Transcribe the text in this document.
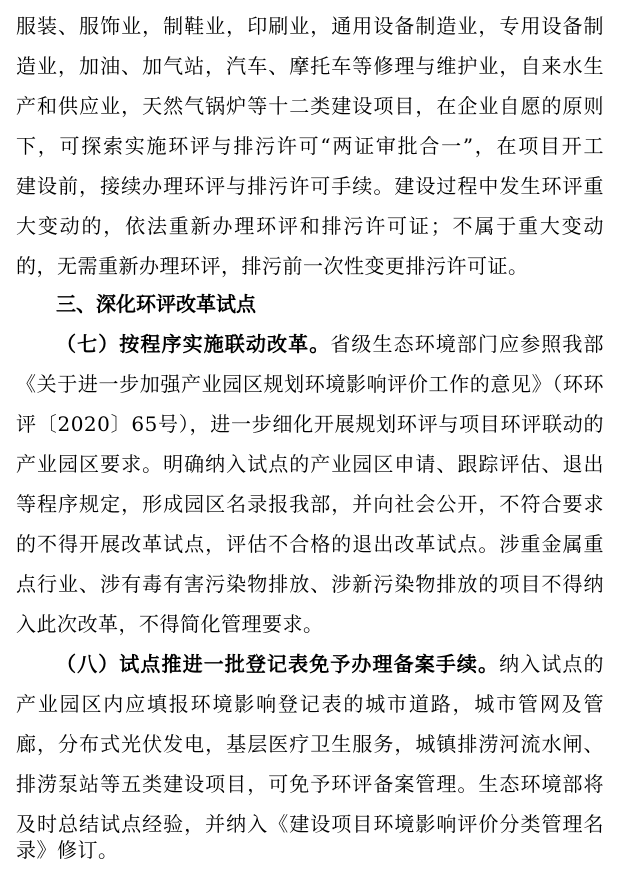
服装、服饰业，制鞋业，印刷业，通用设备制造业，专用设备制
造业，加油、加气站，汽车、摩托车等修理与维护业，自来水生
产和供应业，天然气锅炉等十二类建设项目，在企业自愿的原则
下，可探索实施环评与排污许可“两证审批合一”，在项目开工
建设前，接续办理环评与排污许可手续。建设过程中发生环评重
大变动的，依法重新办理环评和排污许可证；不属于重大变动
的，无需重新办理环评，排污前一次性变更排污许可证。
三、深化环评改革试点
（七）按程序实施联动改革。省级生态环境部门应参照我部
《关于进一步加强产业园区规划环境影响评价工作的意见》（环环
评〔2020〕65号），进一步细化开展规划环评与项目环评联动的
产业园区要求。明确纳入试点的产业园区申请、跟踪评估、退出
等程序规定，形成园区名录报我部，并向社会公开，不符合要求
的不得开展改革试点，评估不合格的退出改革试点。涉重金属重
点行业、涉有毒有害污染物排放、涉新污染物排放的项目不得纳
入此次改革，不得简化管理要求。
（八）试点推进一批登记表免予办理备案手续。纳入试点的
产业园区内应填报环境影响登记表的城市道路，城市管网及管
廊，分布式光伏发电，基层医疗卫生服务，城镇排涝河流水闸、
排涝泵站等五类建设项目，可免予环评备案管理。生态环境部将
及时总结试点经验，并纳入《建设项目环境影响评价分类管理名
录》修订。
